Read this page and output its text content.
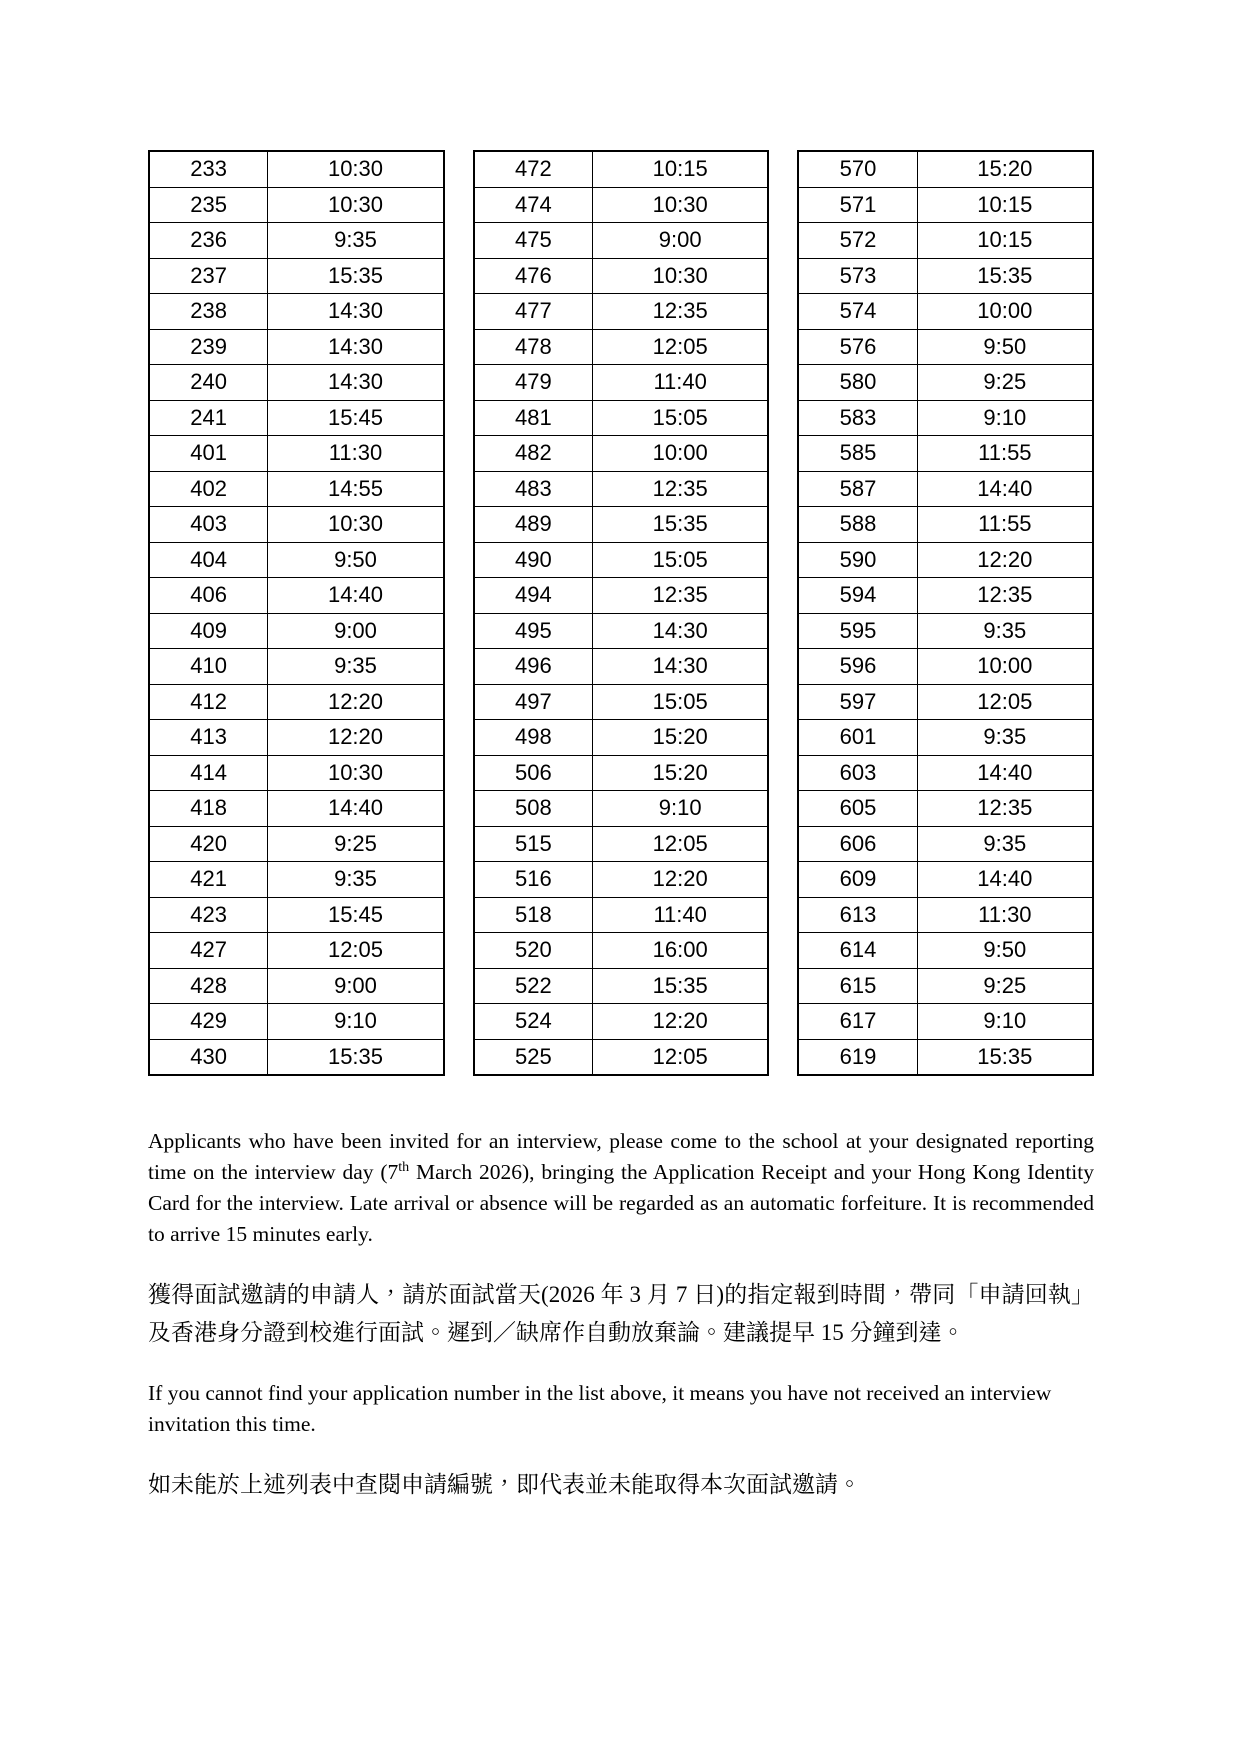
233	10:30
235	10:30
236	9:35
237	15:35
238	14:30
239	14:30
240	14:30
241	15:45
401	11:30
402	14:55
403	10:30
404	9:50
406	14:40
409	9:00
410	9:35
412	12:20
413	12:20
414	10:30
418	14:40
420	9:25
421	9:35
423	15:45
427	12:05
428	9:00
429	9:10
430	15:35
472	10:15
474	10:30
475	9:00
476	10:30
477	12:35
478	12:05
479	11:40
481	15:05
482	10:00
483	12:35
489	15:35
490	15:05
494	12:35
495	14:30
496	14:30
497	15:05
498	15:20
506	15:20
508	9:10
515	12:05
516	12:20
518	11:40
520	16:00
522	15:35
524	12:20
525	12:05
570	15:20
571	10:15
572	10:15
573	15:35
574	10:00
576	9:50
580	9:25
583	9:10
585	11:55
587	14:40
588	11:55
590	12:20
594	12:35
595	9:35
596	10:00
597	12:05
601	9:35
603	14:40
605	12:35
606	9:35
609	14:40
613	11:30
614	9:50
615	9:25
617	9:10
619	15:35

Applicants who have been invited for an interview, please come to the school at your designated reporting time on the interview day (7th March 2026), bringing the Application Receipt and your Hong Kong Identity Card for the interview. Late arrival or absence will be regarded as an automatic forfeiture. It is recommended to arrive 15 minutes early.

獲得面試邀請的申請人，請於面試當天(2026 年 3 月 7 日)的指定報到時間，帶同「申請回執」及香港身分證到校進行面試。遲到／缺席作自動放棄論。建議提早 15 分鐘到達。

If you cannot find your application number in the list above, it means you have not received an interview invitation this time.

如未能於上述列表中查閱申請編號，即代表並未能取得本次面試邀請。
